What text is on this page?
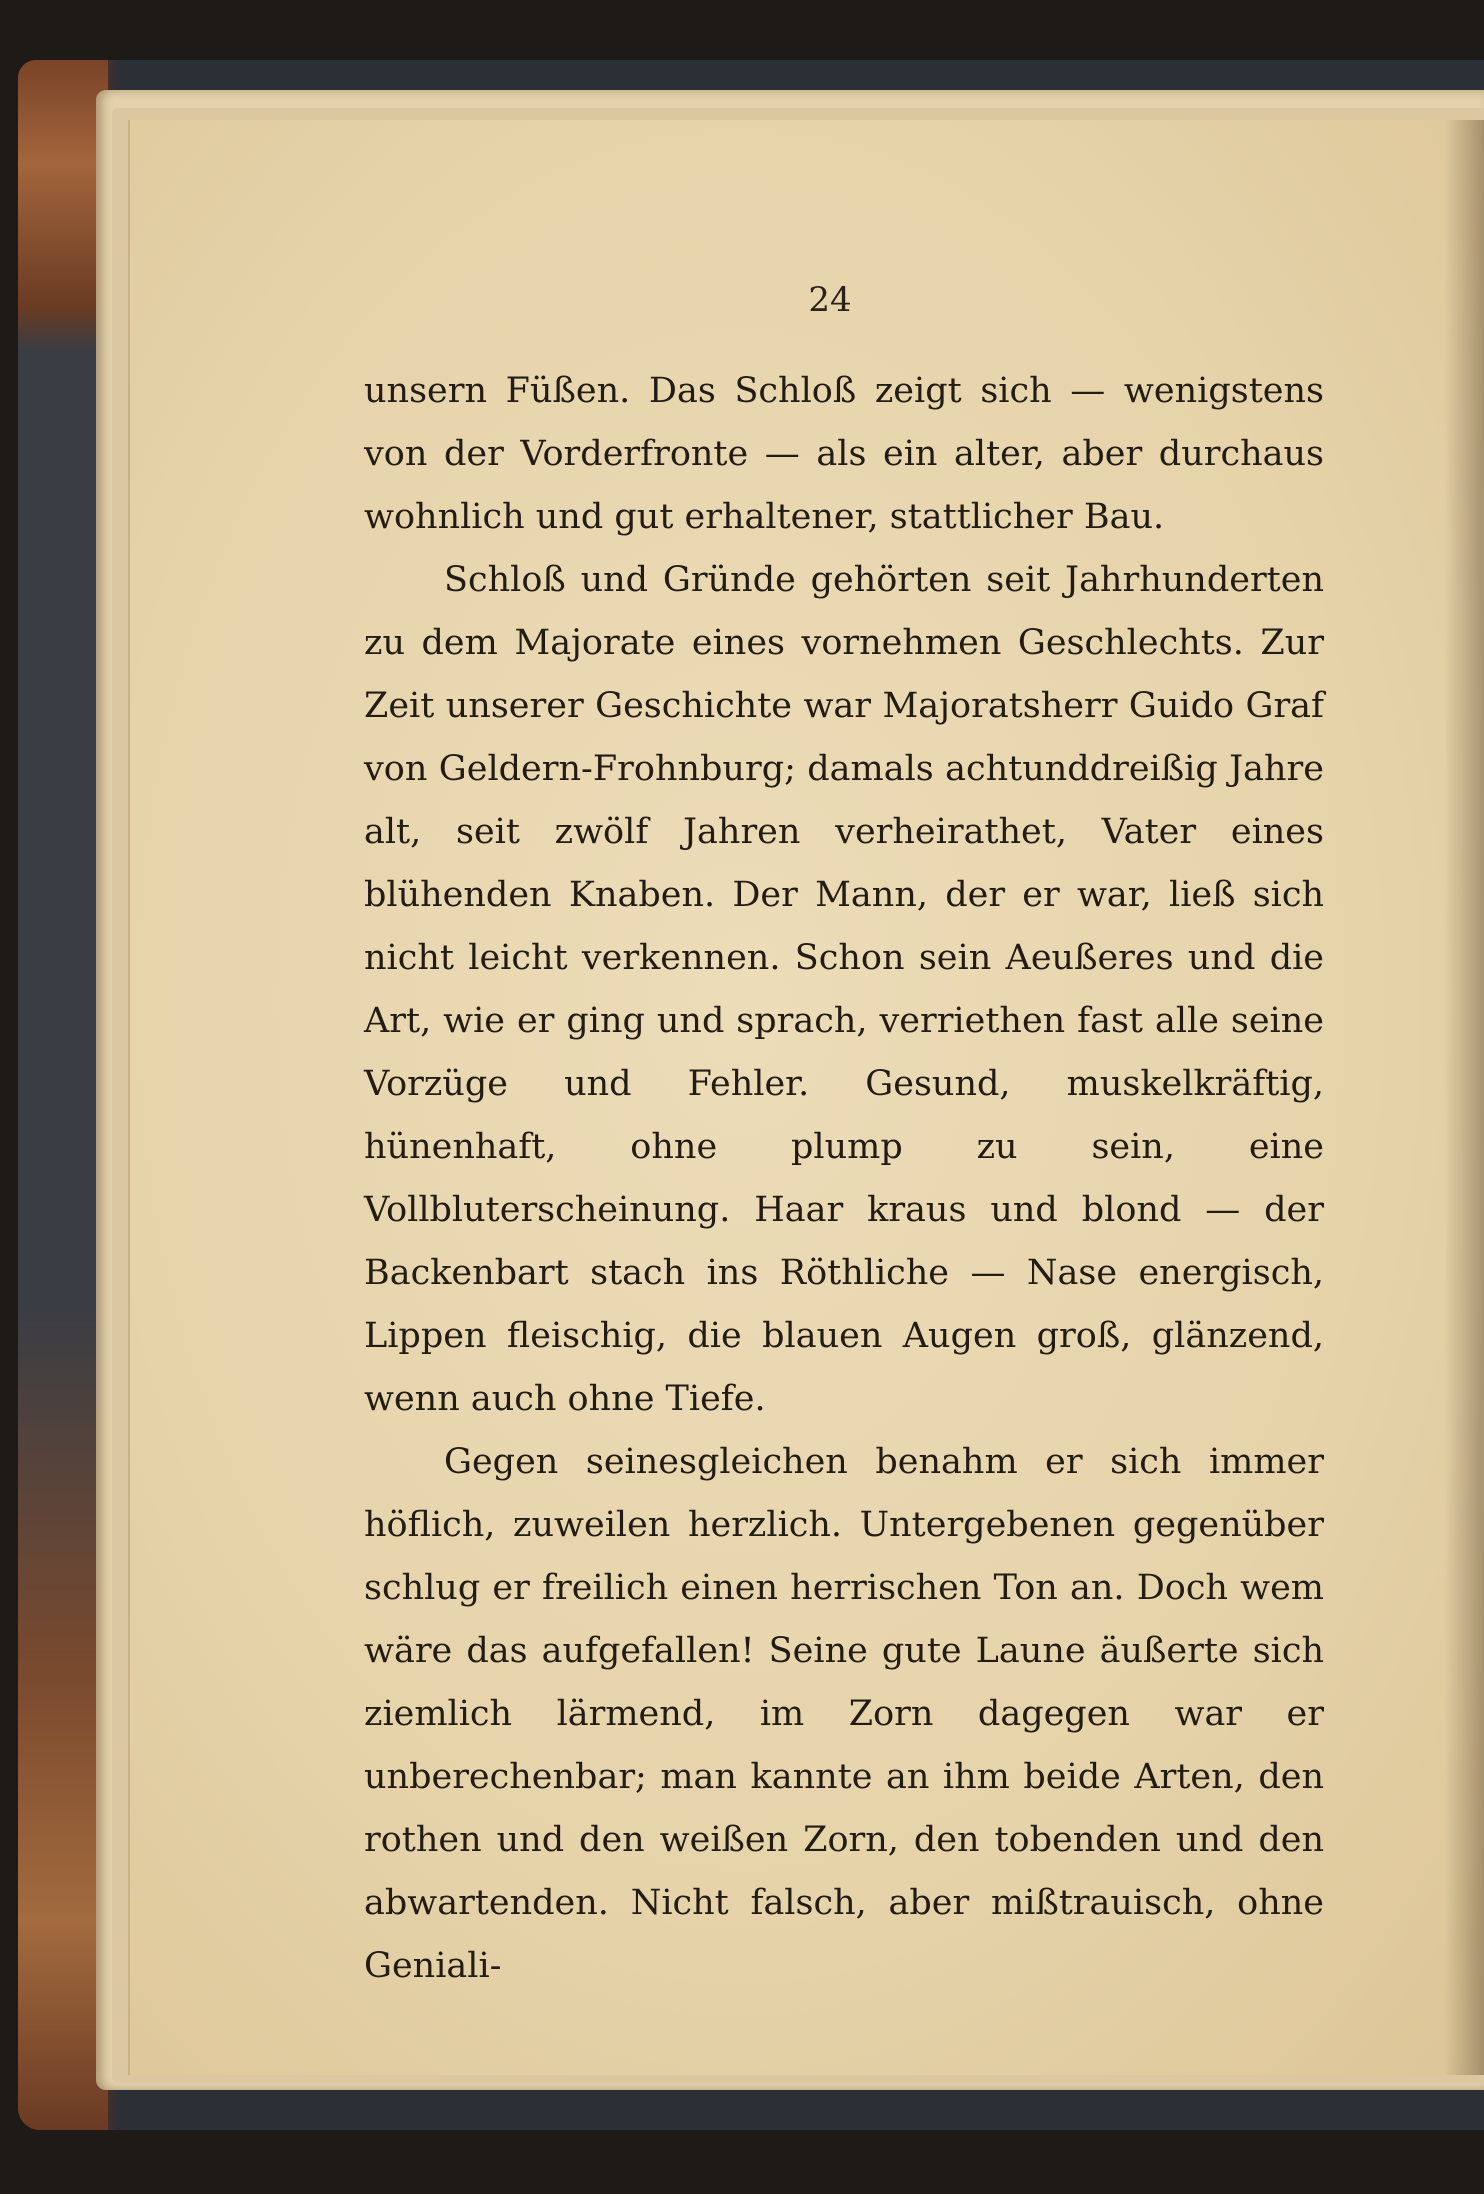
24

unsern Füßen. Das Schloß zeigt sich — wenigstens von der Vorderfronte — als ein alter, aber durchaus wohnlich und gut erhaltener, stattlicher Bau.

Schloß und Gründe gehörten seit Jahrhunderten zu dem Majorate eines vornehmen Geschlechts. Zur Zeit unserer Geschichte war Majoratsherr Guido Graf von Geldern-Frohnburg; damals achtunddreißig Jahre alt, seit zwölf Jahren verheirathet, Vater eines blühenden Knaben. Der Mann, der er war, ließ sich nicht leicht verkennen. Schon sein Aeußeres und die Art, wie er ging und sprach, verriethen fast alle seine Vorzüge und Fehler. Gesund, muskelkräftig, hünenhaft, ohne plump zu sein, eine Vollbluterscheinung. Haar kraus und blond — der Backenbart stach ins Röthliche — Nase energisch, Lippen fleischig, die blauen Augen groß, glänzend, wenn auch ohne Tiefe.

Gegen seinesgleichen benahm er sich immer höflich, zuweilen herzlich. Untergebenen gegenüber schlug er freilich einen herrischen Ton an. Doch wem wäre das aufgefallen! Seine gute Laune äußerte sich ziemlich lärmend, im Zorn dagegen war er unberechenbar; man kannte an ihm beide Arten, den rothen und den weißen Zorn, den tobenden und den abwartenden. Nicht falsch, aber mißtrauisch, ohne Geniali-
